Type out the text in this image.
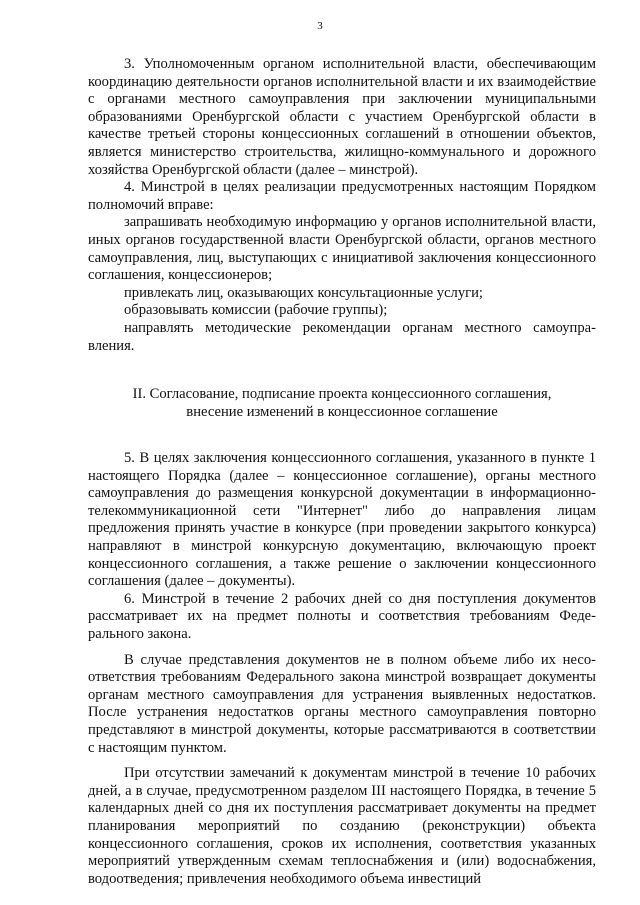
3

3. Уполномоченным органом исполнительной власти, обеспечивающим координацию деятельности органов исполнительной власти и их взаимодействие с органами местного самоуправления при заключении муниципальными образованиями Оренбургской области с участием Оренбургской области в качестве третьей стороны концессионных соглашений в отношении объектов, является министерство строительства, жилищно-коммунального и дорожного хозяйства Оренбургской области (далее – минстрой).

4. Минстрой в целях реализации предусмотренных настоящим Порядком полномочий вправе:

запрашивать необходимую информацию у органов исполнительной власти, иных органов государственной власти Оренбургской области, органов местного самоуправления, лиц, выступающих с инициативой заключения концессионного соглашения, концессионеров;

привлекать лиц, оказывающих консультационные услуги;

образовывать комиссии (рабочие группы);

направлять методические рекомендации органам местного самоуправления.

II. Согласование, подписание проекта концессионного соглашения,
внесение изменений в концессионное соглашение

5. В целях заключения концессионного соглашения, указанного в пункте 1 настоящего Порядка (далее – концессионное соглашение), органы местного самоуправления до размещения конкурсной документации в информационно-телекоммуникационной сети "Интернет" либо до направления лицам предложения принять участие в конкурсе (при проведении закрытого конкурса) направляют в минстрой конкурсную документацию, включающую проект концессионного соглашения, а также решение о заключении концессионного соглашения (далее – документы).

6. Минстрой в течение 2 рабочих дней со дня поступления документов рассматривает их на предмет полноты и соответствия требованиям Федерального закона.

В случае представления документов не в полном объеме либо их несоответствия требованиям Федерального закона минстрой возвращает документы органам местного самоуправления для устранения выявленных недостатков. После устранения недостатков органы местного самоуправления повторно представляют в минстрой документы, которые рассматриваются в соответствии с настоящим пунктом.

При отсутствии замечаний к документам минстрой в течение 10 рабочих дней, а в случае, предусмотренном разделом III настоящего Порядка, в течение 5 календарных дней со дня их поступления рассматривает документы на предмет планирования мероприятий по созданию (реконструкции) объекта концессионного соглашения, сроков их исполнения, соответствия указанных мероприятий утвержденным схемам теплоснабжения и (или) водоснабжения, водоотведения; привлечения необходимого объема инвестиций
